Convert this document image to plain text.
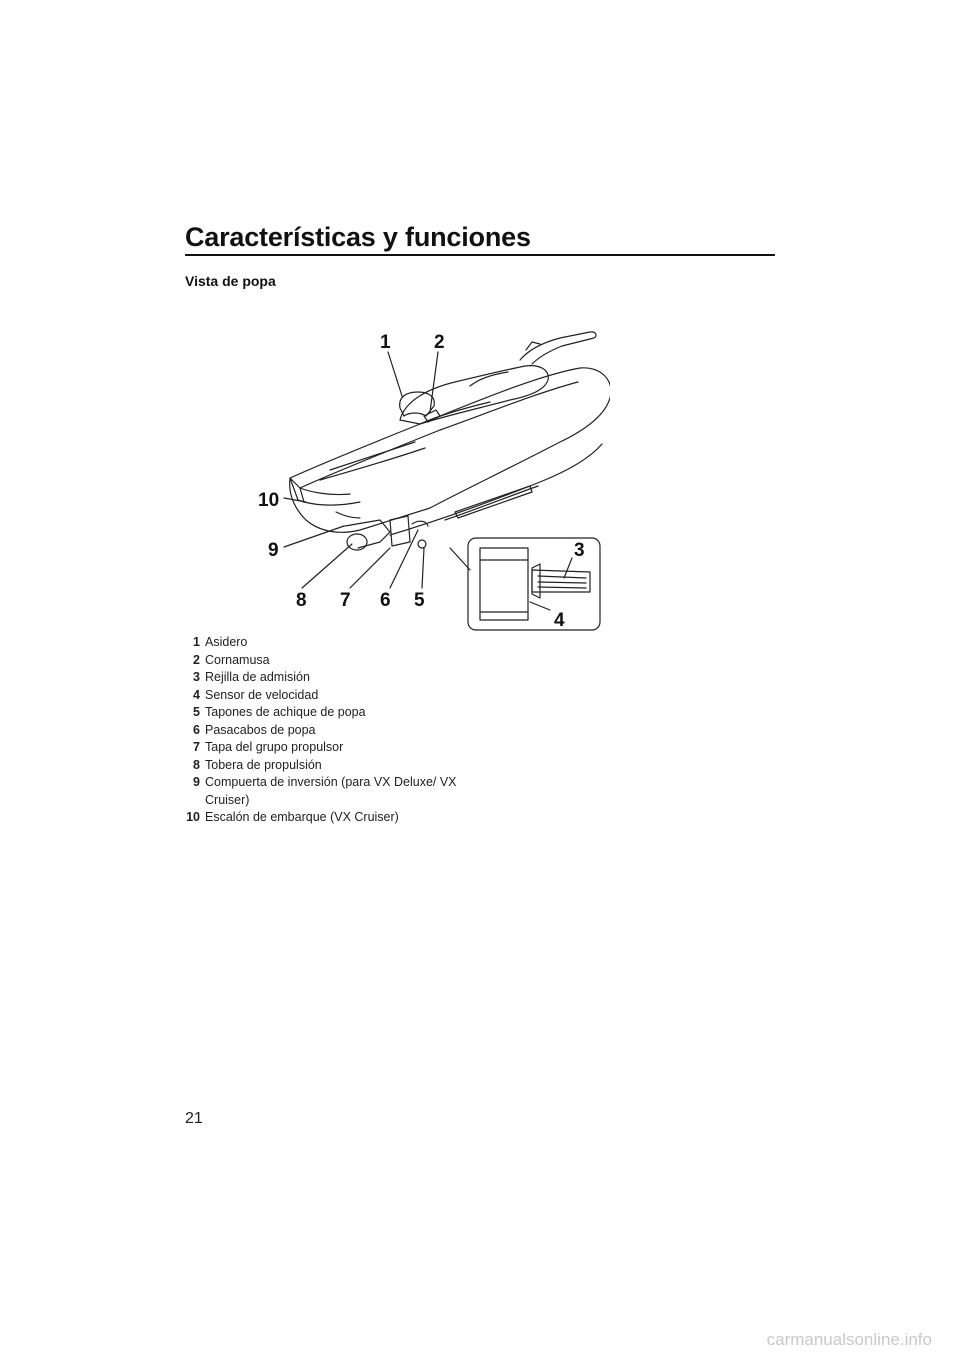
Características y funciones
Vista de popa
1 2
3
4
5
6
7
8
9
10
1 Asidero
2 Cornamusa
3 Rejilla de admisión
4 Sensor de velocidad
5 Tapones de achique de popa
6 Pasacabos de popa
7 Tapa del grupo propulsor
8 Tobera de propulsión
9 Compuerta de inversión (para VX Deluxe/ VX Cruiser)
10 Escalón de embarque (VX Cruiser)
21
carmanualsonline.info
